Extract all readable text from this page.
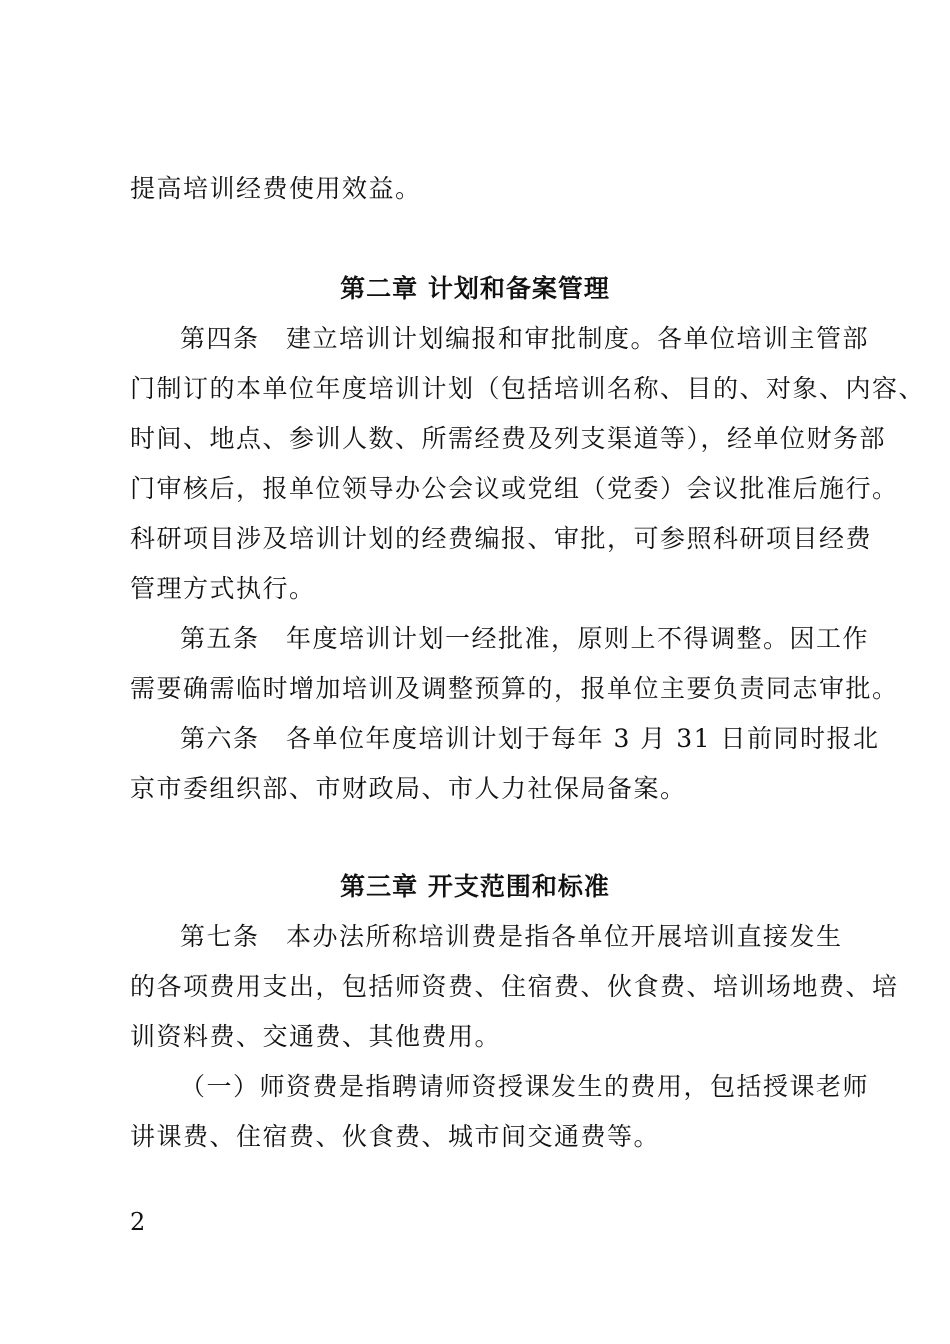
提高培训经费使用效益。
第二章 计划和备案管理
第四条　建立培训计划编报和审批制度。各单位培训主管部
门制订的本单位年度培训计划（包括培训名称、目的、对象、内容、
时间、地点、参训人数、所需经费及列支渠道等），经单位财务部
门审核后，报单位领导办公会议或党组（党委）会议批准后施行。
科研项目涉及培训计划的经费编报、审批，可参照科研项目经费
管理方式执行。
第五条　年度培训计划一经批准，原则上不得调整。因工作
需要确需临时增加培训及调整预算的，报单位主要负责同志审批。
第六条　各单位年度培训计划于每年 3 月 31 日前同时报北
京市委组织部、市财政局、市人力社保局备案。
第三章 开支范围和标准
第七条　本办法所称培训费是指各单位开展培训直接发生
的各项费用支出，包括师资费、住宿费、伙食费、培训场地费、培
训资料费、交通费、其他费用。
（一）师资费是指聘请师资授课发生的费用，包括授课老师
讲课费、住宿费、伙食费、城市间交通费等。
2
